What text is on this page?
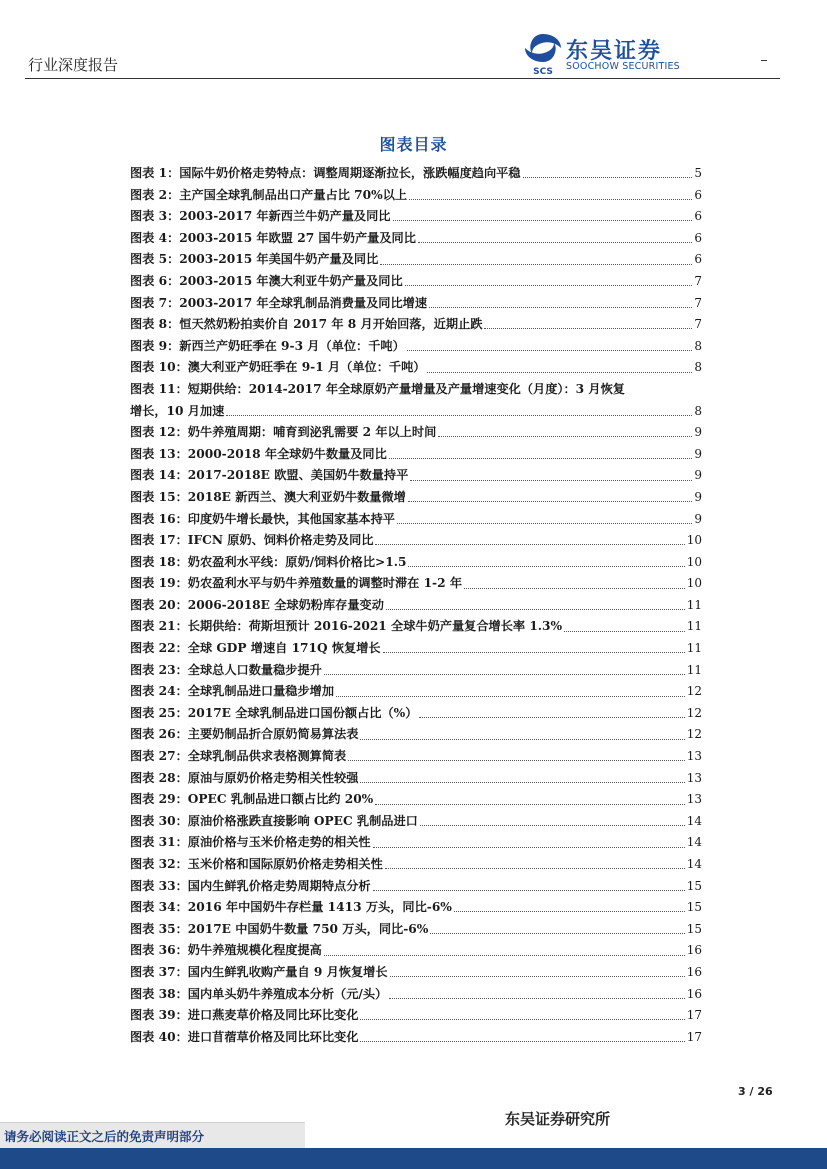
行业深度报告	SCS
东吴证券
SOOCHOW SECURITIES
图表目录
图表 1：国际牛奶价格走势特点：调整周期逐渐拉长，涨跌幅度趋向平稳	5
图表 2：主产国全球乳制品出口产量占比 70%以上	6
图表 3：2003-2017 年新西兰牛奶产量及同比	6
图表 4：2003-2015 年欧盟 27 国牛奶产量及同比	6
图表 5：2003-2015 年美国牛奶产量及同比	6
图表 6：2003-2015 年澳大利亚牛奶产量及同比	7
图表 7：2003-2017 年全球乳制品消费量及同比增速	7
图表 8：恒天然奶粉拍卖价自 2017 年 8 月开始回落，近期止跌	7
图表 9：新西兰产奶旺季在 9-3 月（单位：千吨）	8
图表 10：澳大利亚产奶旺季在 9-1 月（单位：千吨）	8
图表 11：短期供给：2014-2017 年全球原奶产量增量及产量增速变化（月度）：3 月恢复
增长，10 月加速	8
图表 12：奶牛养殖周期：哺育到泌乳需要 2 年以上时间	9
图表 13：2000-2018 年全球奶牛数量及同比	9
图表 14：2017-2018E 欧盟、美国奶牛数量持平	9
图表 15：2018E 新西兰、澳大利亚奶牛数量微增	9
图表 16：印度奶牛增长最快，其他国家基本持平	9
图表 17：IFCN 原奶、饲料价格走势及同比	10
图表 18：奶农盈利水平线：原奶/饲料价格比>1.5	10
图表 19：奶农盈利水平与奶牛养殖数量的调整时滞在 1-2 年	10
图表 20：2006-2018E 全球奶粉库存量变动	11
图表 21：长期供给：荷斯坦预计 2016-2021 全球牛奶产量复合增长率 1.3%	11
图表 22：全球 GDP 增速自 171Q 恢复增长	11
图表 23：全球总人口数量稳步提升	11
图表 24：全球乳制品进口量稳步增加	12
图表 25：2017E 全球乳制品进口国份额占比（%）	12
图表 26：主要奶制品折合原奶简易算法表	12
图表 27：全球乳制品供求表格测算简表	13
图表 28：原油与原奶价格走势相关性较强	13
图表 29：OPEC 乳制品进口额占比约 20%	13
图表 30：原油价格涨跌直接影响 OPEC 乳制品进口	14
图表 31：原油价格与玉米价格走势的相关性	14
图表 32：玉米价格和国际原奶价格走势相关性	14
图表 33：国内生鲜乳价格走势周期特点分析	15
图表 34：2016 年中国奶牛存栏量 1413 万头，同比-6%	15
图表 35：2017E 中国奶牛数量 750 万头，同比-6%	15
图表 36：奶牛养殖规模化程度提高	16
图表 37：国内生鲜乳收购产量自 9 月恢复增长	16
图表 38：国内单头奶牛养殖成本分析（元/头）	16
图表 39：进口燕麦草价格及同比环比变化	17
图表 40：进口苜蓿草价格及同比环比变化	17
3 / 26
东吴证券研究所
请务必阅读正文之后的免责声明部分
